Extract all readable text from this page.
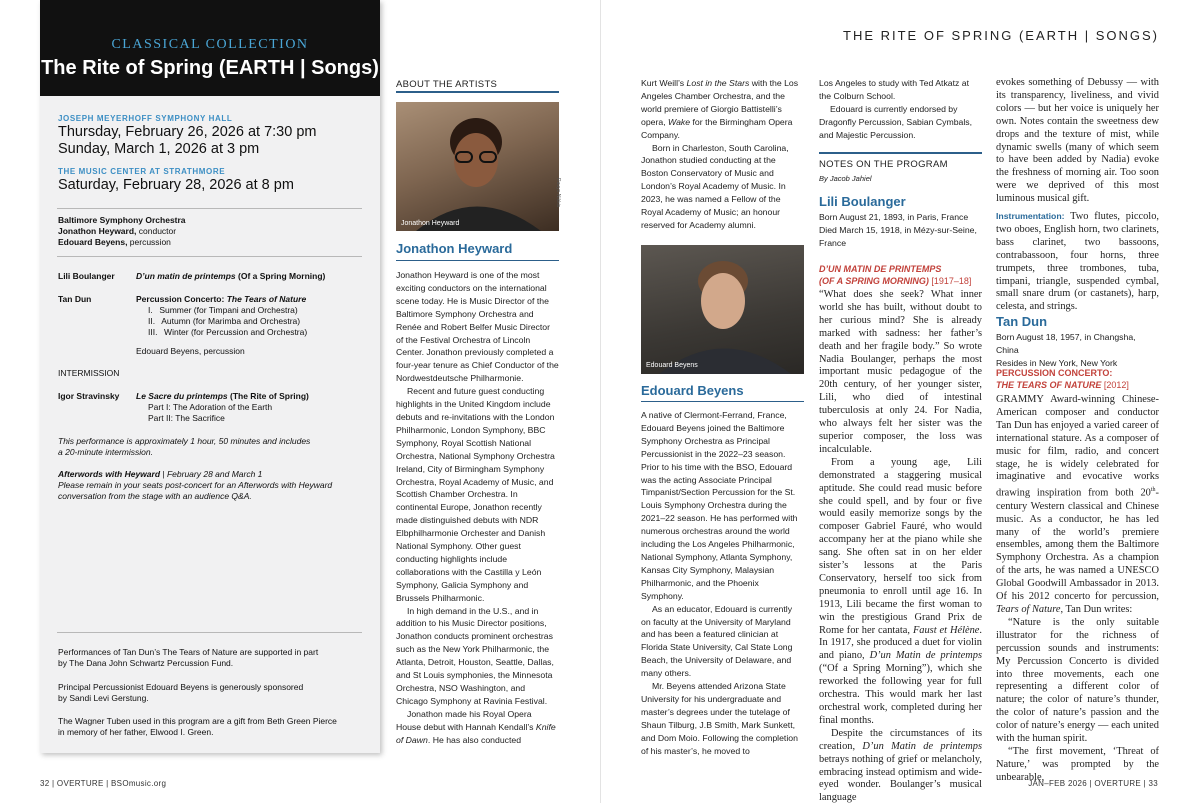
CLASSICAL COLLECTION
The Rite of Spring (EARTH | Songs)
JOSEPH MEYERHOFF SYMPHONY HALL
Thursday, February 26, 2026 at 7:30 pm
Sunday, March 1, 2026 at 3 pm
THE MUSIC CENTER AT STRATHMORE
Saturday, February 28, 2026 at 8 pm
Baltimore Symphony Orchestra
Jonathon Heyward, conductor
Edouard Beyens, percussion
Lili Boulanger	D’un matin de printemps (Of a Spring Morning)
Tan Dun	Percussion Concerto: The Tears of Nature
I.  Summer (for Timpani and Orchestra)
II.  Autumn (for Marimba and Orchestra)
III.  Winter (for Percussion and Orchestra)
Edouard Beyens, percussion
INTERMISSION
Igor Stravinsky Le Sacre du printemps (The Rite of Spring)
Part I: The Adoration of the Earth
Part II: The Sacrifice
This performance is approximately 1 hour, 50 minutes and includes
a 20-minute intermission.
Afterwords with Heyward | February 28 and March 1
Please remain in your seats post-concert for an Afterwords with Heyward
conversation from the stage with an audience Q&A.
Performances of Tan Dun’s The Tears of Nature are supported in part
by The Dana John Schwartz Percussion Fund.
Principal Percussionist Edouard Beyens is generously sponsored
by Sandi Levi Gerstung.
The Wagner Tuben used in this program are a gift from Beth Green Pierce
in memory of her father, Elwood I. Green.
THE RITE OF SPRING (EARTH | SONGS)
32 | OVERTURE | BSOmusic.org	JAN–FEB 2026 | OVERTURE | 33
ABOUT THE ARTISTS
Jonathon Heyward
Rauyo Nikkis
Jonathon Heyward

Jonathon Heyward is one of the most exciting conductors on the international scene today. He is Music Director of the Baltimore Symphony Orchestra and Renée and Robert Belfer Music Director of the Festival Orchestra of Lincoln Center. Jonathon previously completed a four-year tenure as Chief Conductor of the Nordwestdeutsche Philharmonie.

Recent and future guest conducting highlights in the United Kingdom include debuts and re-invitations with the London Philharmonic, London Symphony, BBC Symphony, Royal Scottish National Orchestra, National Symphony Orchestra Ireland, City of Birmingham Symphony Orchestra, Royal Academy of Music, and Scottish Chamber Orchestra. In continental Europe, Jonathon recently made distinguished debuts with NDR Elbphilharmonie Orchester and Danish National Symphony. Other guest conducting highlights include collaborations with the Castilla y León Symphony, Galicia Symphony and Brussels Philharmonic.

In high demand in the U.S., and in addition to his Music Director positions, Jonathon conducts prominent orchestras such as the New York Philharmonic, the Atlanta, Detroit, Houston, Seattle, Dallas, and St Louis symphonies, the Minnesota Orchestra, NSO Washington, and Chicago Symphony at Ravinia Festival.

Jonathon made his Royal Opera House debut with Hannah Kendall’s Knife of Dawn. He has also conducted

Kurt Weill’s Lost in the Stars with the Los Angeles Chamber Orchestra, and the world premiere of Giorgio Battistelli’s opera, Wake for the Birmingham Opera Company.

Born in Charleston, South Carolina, Jonathon studied conducting at the Boston Conservatory of Music and London’s Royal Academy of Music. In 2023, he was named a Fellow of the Royal Academy of Music; an honour reserved for Academy alumni.

Edouard Beyens
Edouard Beyens

A native of Clermont-Ferrand, France, Edouard Beyens joined the Baltimore Symphony Orchestra as Principal Percussionist in the 2022–23 season. Prior to his time with the BSO, Edouard was the acting Associate Principal Timpanist/Section Percussion for the St. Louis Symphony Orchestra during the 2021–22 season. He has performed with numerous orchestras around the world including the Los Angeles Philharmonic, National Symphony, Atlanta Symphony, Kansas City Symphony, Malaysian Philharmonic, and the Phoenix Symphony.

As an educator, Edouard is currently on faculty at the University of Maryland and has been a featured clinician at Florida State University, Cal State Long Beach, the University of Delaware, and many others.

Mr. Beyens attended Arizona State University for his undergraduate and master’s degrees under the tutelage of Shaun Tilburg, J.B Smith, Mark Sunkett, and Dom Moio. Following the completion of his master’s, he moved to

Los Angeles to study with Ted Atkatz at the Colburn School.

Edouard is currently endorsed by Dragonfly Percussion, Sabian Cymbals, and Majestic Percussion.

NOTES ON THE PROGRAM
By Jacob Jahiel
Lili Boulanger
Born August 21, 1893, in Paris, France
Died March 15, 1918, in Mézy-sur-Seine, France
D’UN MATIN DE PRINTEMPS
(OF A SPRING MORNING) [1917–18]

“What does she seek? What inner world she has built, without doubt to her curious mind? She is already marked with sadness: her father’s death and her fragile body.” So wrote Nadia Boulanger, perhaps the most important music pedagogue of the 20th century, of her younger sister, Lili, who died of intestinal tuberculosis at only 24. For Nadia, who always felt her sister was the superior composer, the loss was incalculable.

From a young age, Lili demonstrated a staggering musical aptitude. She could read music before she could spell, and by four or five would easily memorize songs by the composer Gabriel Fauré, who would accompany her at the piano while she sang. She often sat in on her elder sister’s lessons at the Paris Conservatory, herself too sick from pneumonia to enroll until age 16. In 1913, Lili became the first woman to win the prestigious Grand Prix de Rome for her cantata, Faust et Hélène. In 1917, she produced a duet for violin and piano, D’un Matin de printemps (“Of a Spring Morning”), which she reworked the following year for full orchestra. This would mark her last orchestral work, completed during her final months.

Despite the circumstances of its creation, D’un Matin de printemps betrays nothing of grief or melancholy, embracing instead optimism and wide-eyed wonder. Boulanger’s musical language

evokes something of Debussy — with its transparency, liveliness, and vivid colors — but her voice is uniquely her own. Notes contain the sweetness dew drops and the texture of mist, while dynamic swells (many of which seem to have been added by Nadia) evoke the freshness of morning air. Too soon were we deprived of this most luminous musical gift.

Instrumentation: Two flutes, piccolo, two oboes, English horn, two clarinets, bass clarinet, two bassoons, contrabassoon, four horns, three trumpets, three trombones, tuba, timpani, triangle, suspended cymbal, small snare drum (or castanets), harp, celesta, and strings.

Tan Dun
Born August 18, 1957, in Changsha, China
Resides in New York, New York
PERCUSSION CONCERTO:
THE TEARS OF NATURE [2012]

GRAMMY Award-winning Chinese-American composer and conductor Tan Dun has enjoyed a varied career of international stature. As a composer of music for film, radio, and concert stage, he is widely celebrated for imaginative and evocative works drawing inspiration from both 20th-century Western classical and Chinese music. As a conductor, he has led many of the world’s premiere ensembles, among them the Baltimore Symphony Orchestra. As a champion of the arts, he was named a UNESCO Global Goodwill Ambassador in 2013. Of his 2012 concerto for percussion, Tears of Nature, Tan Dun writes:

“Nature is the only suitable illustrator for the richness of percussion sounds and instruments: My Percussion Concerto is divided into three movements, each one representing a different color of nature; the color of nature’s thunder, the color of nature’s passion and the color of nature’s energy — each united with the human spirit.

“The first movement, ‘Threat of Nature,’ was prompted by the unbearable,
